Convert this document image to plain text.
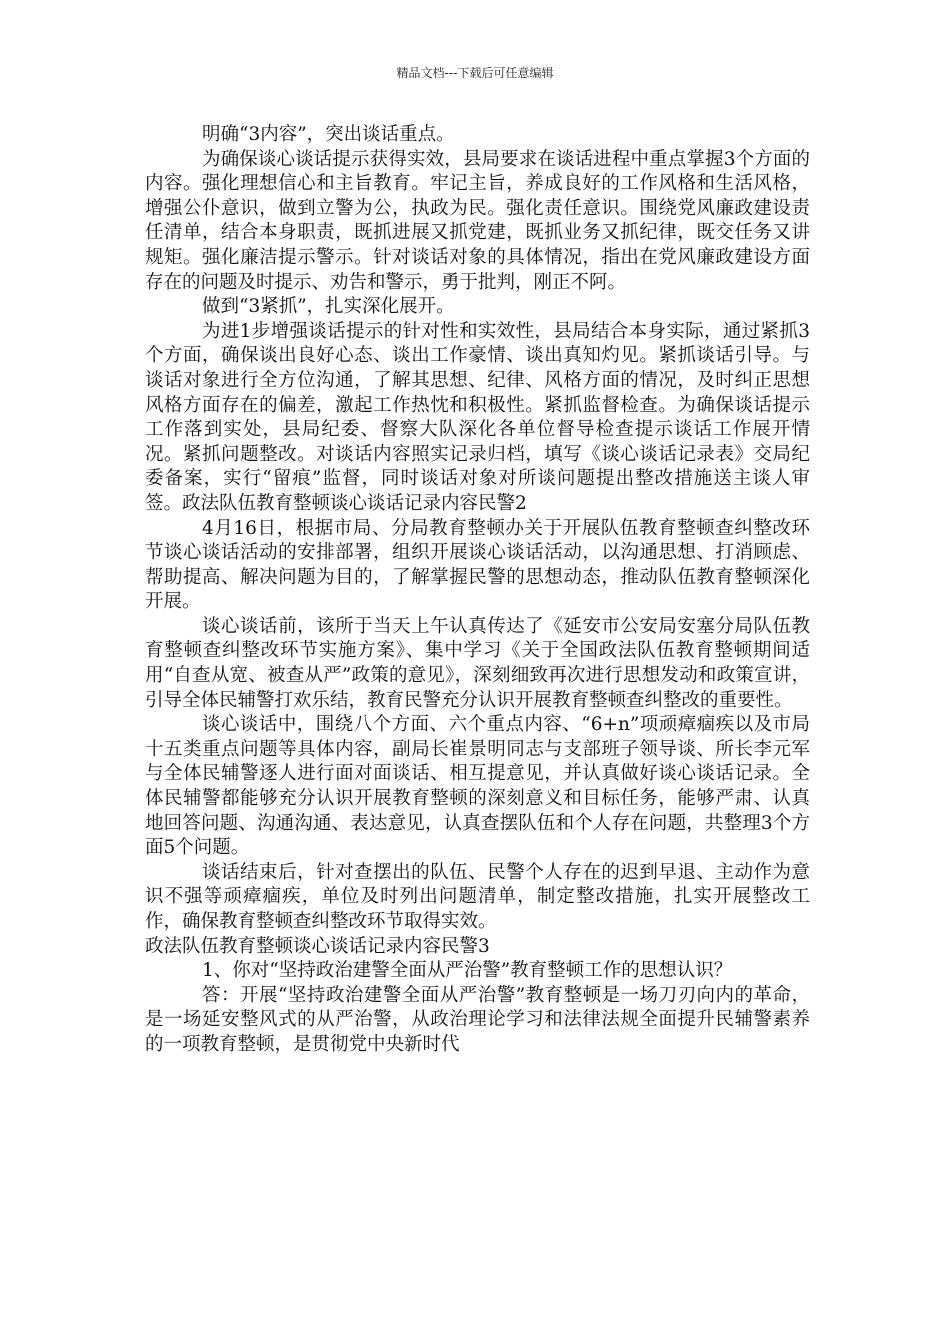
精品文档---下载后可任意编辑

明确“3内容”，突出谈话重点。

为确保谈心谈话提示获得实效，县局要求在谈话进程中重点掌握3个方面的内容。强化理想信心和主旨教育。牢记主旨，养成良好的工作风格和生活风格，增强公仆意识，做到立警为公，执政为民。强化责任意识。围绕党风廉政建设责任清单，结合本身职责，既抓进展又抓党建，既抓业务又抓纪律，既交任务又讲规矩。强化廉洁提示警示。针对谈话对象的具体情况，指出在党风廉政建设方面存在的问题及时提示、劝告和警示，勇于批判，刚正不阿。

做到“3紧抓”，扎实深化展开。

为进1步增强谈话提示的针对性和实效性，县局结合本身实际，通过紧抓3个方面，确保谈出良好心态、谈出工作豪情、谈出真知灼见。紧抓谈话引导。与谈话对象进行全方位沟通，了解其思想、纪律、风格方面的情况，及时纠正思想风格方面存在的偏差，激起工作热忱和积极性。紧抓监督检查。为确保谈话提示工作落到实处，县局纪委、督察大队深化各单位督导检查提示谈话工作展开情况。紧抓问题整改。对谈话内容照实记录归档，填写《谈心谈话记录表》交局纪委备案，实行“留痕”监督，同时谈话对象对所谈问题提出整改措施送主谈人审签。政法队伍教育整顿谈心谈话记录内容民警2

4月16日，根据市局、分局教育整顿办关于开展队伍教育整顿查纠整改环节谈心谈话活动的安排部署，组织开展谈心谈话活动，以沟通思想、打消顾虑、帮助提高、解决问题为目的，了解掌握民警的思想动态，推动队伍教育整顿深化开展。

谈心谈话前，该所于当天上午认真传达了《延安市公安局安塞分局队伍教育整顿查纠整改环节实施方案》、集中学习《关于全国政法队伍教育整顿期间适用“自查从宽、被查从严”政策的意见》，深刻细致再次进行思想发动和政策宣讲，引导全体民辅警打欢乐结，教育民警充分认识开展教育整顿查纠整改的重要性。

谈心谈话中，围绕八个方面、六个重点内容、“6+n”项顽瘴痼疾以及市局十五类重点问题等具体内容，副局长崔景明同志与支部班子领导谈、所长李元军与全体民辅警逐人进行面对面谈话、相互提意见，并认真做好谈心谈话记录。全体民辅警都能够充分认识开展教育整顿的深刻意义和目标任务，能够严肃、认真地回答问题、沟通沟通、表达意见，认真查摆队伍和个人存在问题，共整理3个方面5个问题。

谈话结束后，针对查摆出的队伍、民警个人存在的迟到早退、主动作为意识不强等顽瘴痼疾，单位及时列出问题清单，制定整改措施，扎实开展整改工作，确保教育整顿查纠整改环节取得实效。

政法队伍教育整顿谈心谈话记录内容民警3

1、你对“坚持政治建警全面从严治警”教育整顿工作的思想认识？

答：开展“坚持政治建警全面从严治警”教育整顿是一场刀刃向内的革命，是一场延安整风式的从严治警，从政治理论学习和法律法规全面提升民辅警素养的一项教育整顿，是贯彻党中央新时代
